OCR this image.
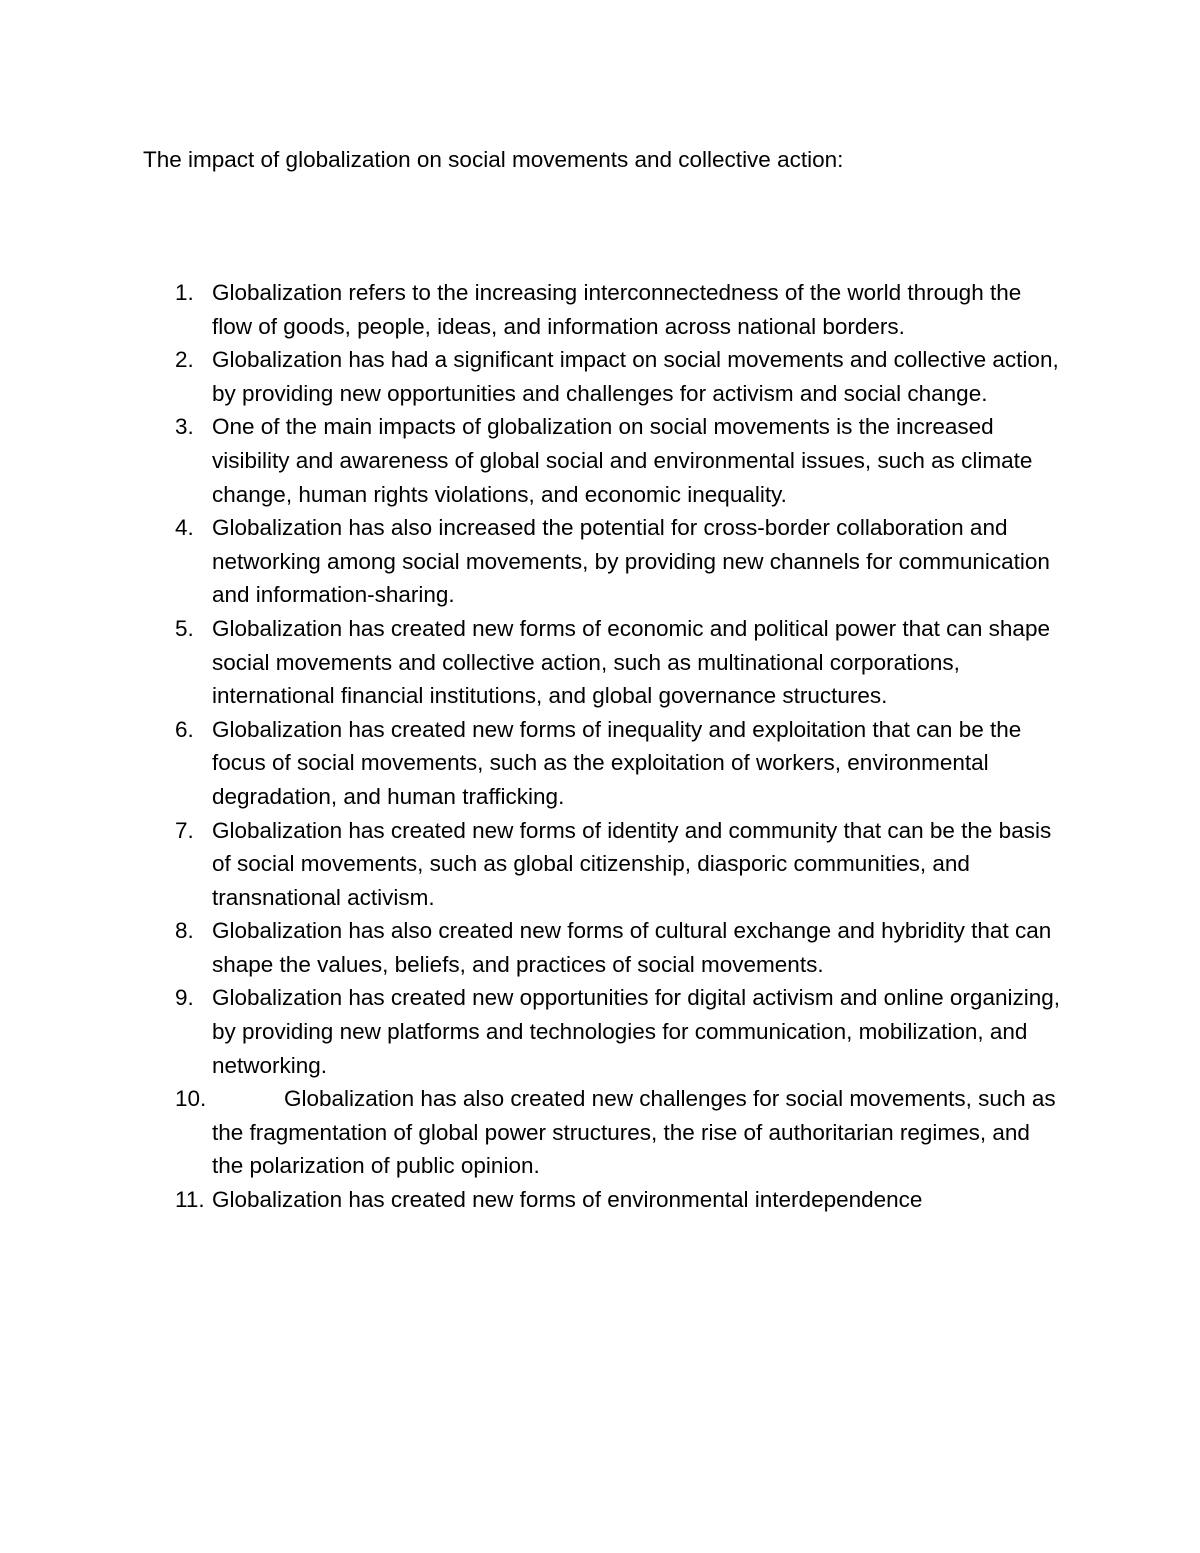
The impact of globalization on social movements and collective action:
1. Globalization refers to the increasing interconnectedness of the world through the flow of goods, people, ideas, and information across national borders.
2. Globalization has had a significant impact on social movements and collective action, by providing new opportunities and challenges for activism and social change.
3. One of the main impacts of globalization on social movements is the increased visibility and awareness of global social and environmental issues, such as climate change, human rights violations, and economic inequality.
4. Globalization has also increased the potential for cross-border collaboration and networking among social movements, by providing new channels for communication and information-sharing.
5. Globalization has created new forms of economic and political power that can shape social movements and collective action, such as multinational corporations, international financial institutions, and global governance structures.
6. Globalization has created new forms of inequality and exploitation that can be the focus of social movements, such as the exploitation of workers, environmental degradation, and human trafficking.
7. Globalization has created new forms of identity and community that can be the basis of social movements, such as global citizenship, diasporic communities, and transnational activism.
8. Globalization has also created new forms of cultural exchange and hybridity that can shape the values, beliefs, and practices of social movements.
9. Globalization has created new opportunities for digital activism and online organizing, by providing new platforms and technologies for communication, mobilization, and networking.
10.	Globalization has also created new challenges for social movements, such as the fragmentation of global power structures, the rise of authoritarian regimes, and the polarization of public opinion.
11. Globalization has created new forms of environmental interdependence
